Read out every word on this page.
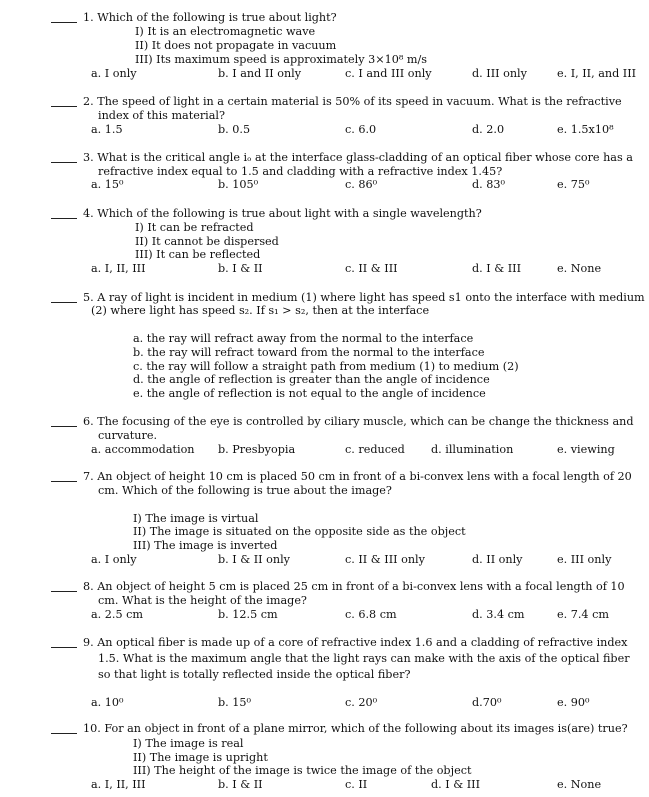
1. Which of the following is true about light?
I) It is an electromagnetic wave
II) It does not propagate in vacuum
III) Its maximum speed is approximately 3×10⁸ m/s
a. I only	b. I and II only	c. I and III only	d. III only	e. I, II, and III
2. The speed of light in a certain material is 50% of its speed in vacuum. What is the refractive
index of this material?
a. 1.5	b. 0.5	c. 6.0	d. 2.0	e. 1.5x10⁸
3. What is the critical angle iₒ at the interface glass-cladding of an optical fiber whose core has a
refractive index equal to 1.5 and cladding with a refractive index 1.45?
a. 15⁰	b. 105⁰	c. 86⁰	d. 83⁰	e. 75⁰
4. Which of the following is true about light with a single wavelength?
I) It can be refracted
II) It cannot be dispersed
III) It can be reflected
a. I, II, III	b. I & II	c. II & III	d. I & III	e. None
5. A ray of light is incident in medium (1) where light has speed s1 onto the interface with medium
(2) where light has speed s₂. If s₁ > s₂, then at the interface
a. the ray will refract away from the normal to the interface
b. the ray will refract toward from the normal to the interface
c. the ray will follow a straight path from medium (1) to medium (2)
d. the angle of reflection is greater than the angle of incidence
e. the angle of reflection is not equal to the angle of incidence
6. The focusing of the eye is controlled by ciliary muscle, which can be change the thickness and
curvature.
a. accommodation b. Presbyopia	c. reduced d. illumination	e. viewing
7. An object of height 10 cm is placed 50 cm in front of a bi-convex lens with a focal length of 20
cm. Which of the following is true about the image?
I) The image is virtual
II) The image is situated on the opposite side as the object
III) The image is inverted
a. I only	b. I & II only	c. II & III only	d. II only	e. III only
8. An object of height 5 cm is placed 25 cm in front of a bi-convex lens with a focal length of 10
cm. What is the height of the image?
a. 2.5 cm	b. 12.5 cm	c. 6.8 cm	d. 3.4 cm	e. 7.4 cm
9. An optical fiber is made up of a core of refractive index 1.6 and a cladding of refractive index
1.5. What is the maximum angle that the light rays can make with the axis of the optical fiber
so that light is totally reflected inside the optical fiber?
a. 10⁰	b. 15⁰	c. 20⁰	d.70⁰	e. 90⁰
10. For an object in front of a plane mirror, which of the following about its images is(are) true?
I) The image is real
II) The image is upright
III) The height of the image is twice the image of the object
a. I, II, III	b. I & II	c. II	d. I & III	e. None
